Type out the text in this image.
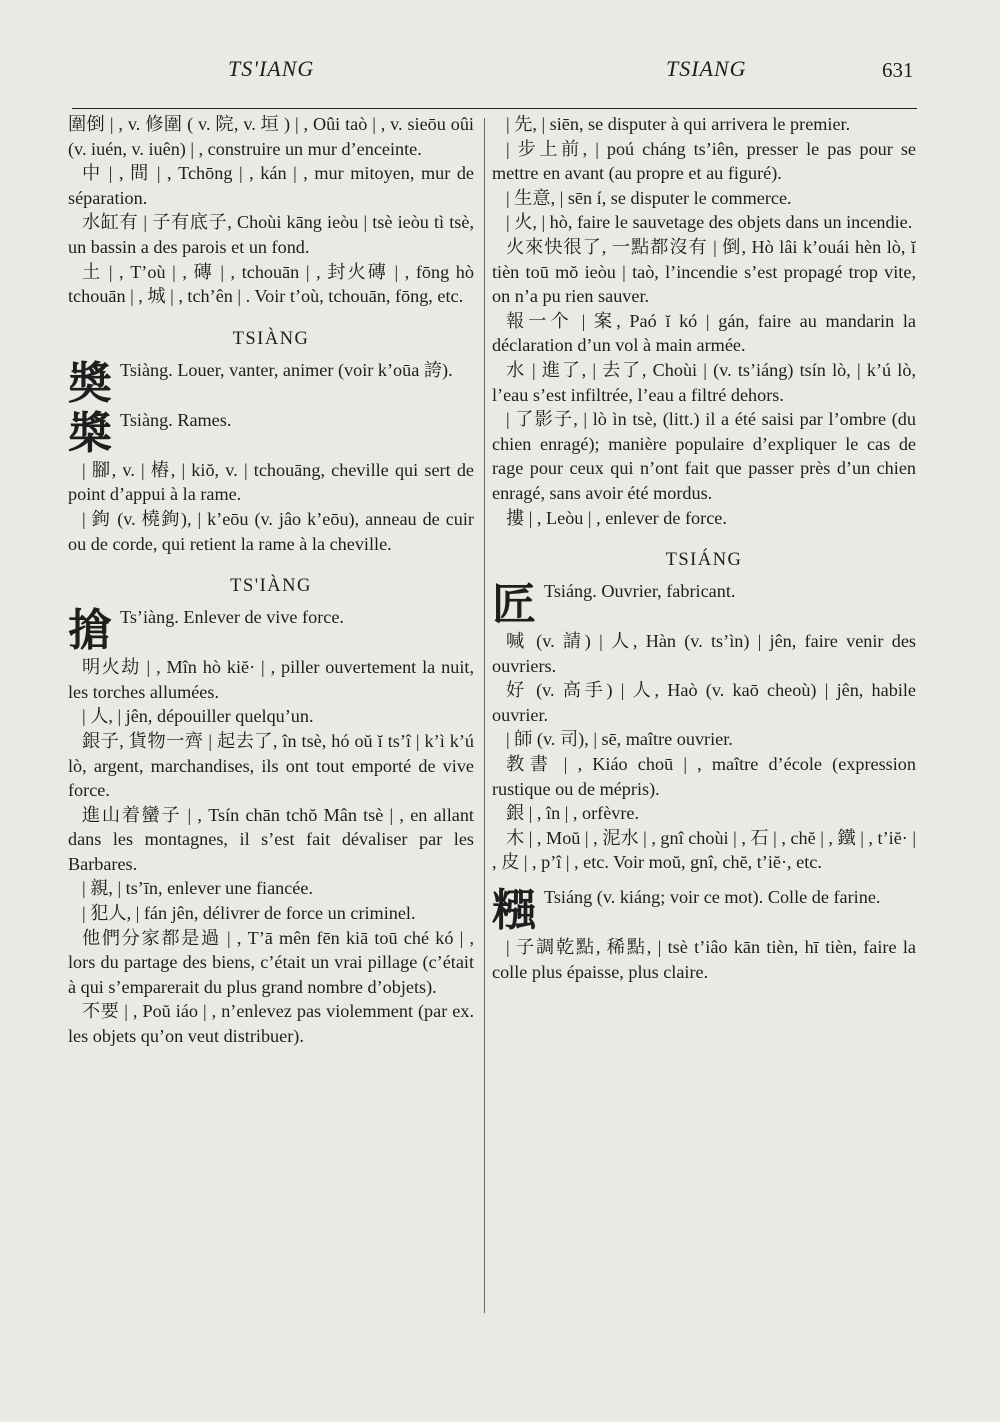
TS'IANG	TSIANG	631

圍倒 | , v. 修圍 ( v. 院, v. 垣 ) | , Oûi taò | , v. sieōu oûi (v. iuén, v. iuên) | , construire un mur d’enceinte.

中 | , 間 | , Tchōng | , kán | , mur mitoyen, mur de séparation.

水缸有 | 子有底子, Choùi kāng ieòu | tsè ieòu tì tsè, un bassin a des parois et un fond.

土 | , T’où | , 磚 | , tchouān | , 封火磚 | , fōng hò tchouān | , 城 | , tch’ên | . Voir t’où, tchouān, fōng, etc.

TSIÀNG
奬 Tsiàng. Louer, vanter, animer (voir k’oūa 誇).
槳 Tsiàng. Rames.

| 腳, v. | 樁, | kiŏ, v. | tchouāng, cheville qui sert de point d’appui à la rame.

| 鉤 (v. 橈鉤), | k’eōu (v. jâo k’eōu), anneau de cuir ou de corde, qui retient la rame à la cheville.

TS'IÀNG
搶 Ts’iàng. Enlever de vive force.

明火劫 | , Mîn hò kiĕ· | , piller ouvertement la nuit, les torches allumées.

| 人, | jên, dépouiller quelqu’un.

銀子, 貨物一齊 | 起去了, în tsè, hó oŭ ĭ ts’î | k’ì k’ú lò, argent, marchandises, ils ont tout emporté de vive force.

進山着蠻子 | , Tsín chān tchŏ Mân tsè | , en allant dans les montagnes, il s’est fait dévaliser par les Barbares.

| 親, | ts’īn, enlever une fiancée.

| 犯人, | fán jên, délivrer de force un criminel.

他們分家都是過 | , T’ā mên fēn kiā toū ché kó | , lors du partage des biens, c’était un vrai pillage (c’était à qui s’emparerait du plus grand nombre d’objets).

不要 | , Poŭ iáo | , n’enlevez pas violemment (par ex. les objets qu’on veut distribuer).

| 先, | siēn, se disputer à qui arrivera le premier.

| 步上前, | poú cháng ts’iên, presser le pas pour se mettre en avant (au propre et au figuré).

| 生意, | sēn í, se disputer le commerce.

| 火, | hò, faire le sauvetage des objets dans un incendie.

火來快很了, 一點都沒有 | 倒, Hò lâi k’ouái hèn lò, ĭ tièn toū mŏ ieòu | taò, l’incendie s’est propagé trop vite, on n’a pu rien sauver.

報一个 | 案, Paó ĭ kó | gán, faire au mandarin la déclaration d’un vol à main armée.

水 | 進了, | 去了, Choùi | (v. ts’iáng) tsín lò, | k’ú lò, l’eau s’est infiltrée, l’eau a filtré dehors.

| 了影子, | lò ìn tsè, (litt.) il a été saisi par l’ombre (du chien enragé); manière populaire d’expliquer le cas de rage pour ceux qui n’ont fait que passer près d’un chien enragé, sans avoir été mordus.

摟 | , Leòu | , enlever de force.

TSIÁNG
匠 Tsiáng. Ouvrier, fabricant.

喊 (v. 請) | 人, Hàn (v. ts’ìn) | jên, faire venir des ouvriers.

好 (v. 高手) | 人, Haò (v. kaō cheoù) | jên, habile ouvrier.

| 師 (v. 司), | sē, maître ouvrier.

教書 | , Kiáo choū | , maître d’école (expression rustique ou de mépris).

銀 | , în | , orfèvre.

木 | , Moŭ | , 泥水 | , gnî choùi | , 石 | , chĕ | , 鐵 | , t’iĕ· | , 皮 | , p’î | , etc. Voir moŭ, gnî, chĕ, t’iĕ·, etc.

糨 Tsiáng (v. kiáng; voir ce mot). Colle de farine.

| 子調乾點, 稀點, | tsè t’iâo kān tièn, hī tièn, faire la colle plus épaisse, plus claire.
